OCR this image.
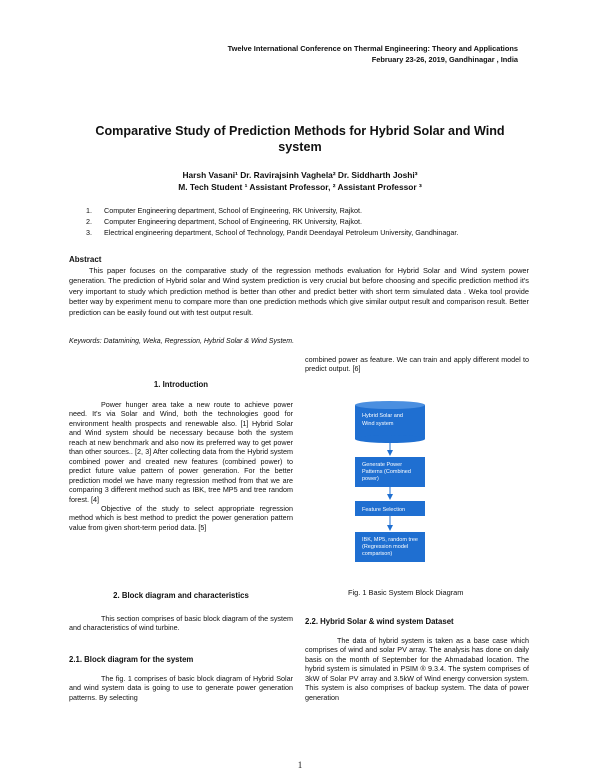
Twelve International Conference on Thermal Engineering: Theory and Applications
February 23-26, 2019, Gandhinagar , India
Comparative Study of Prediction Methods for Hybrid Solar and Wind
system
Harsh Vasani¹ Dr. Ravirajsinh Vaghela² Dr. Siddharth Joshi³
M. Tech Student ¹ Assistant Professor, ² Assistant Professor ³
1. Computer Engineering department, School of Engineering, RK University, Rajkot.
2. Computer Engineering department, School of Engineering, RK University, Rajkot.
3. Electrical engineering department, School of Technology, Pandit Deendayal Petroleum University, Gandhinagar.
Abstract
This paper focuses on the comparative study of the regression methods evaluation for Hybrid Solar and Wind system power generation. The prediction of Hybrid solar and Wind system prediction is very crucial but before choosing and specific prediction method it's very important to study which prediction method is better than other and predict better with short term simulated data . Weka tool provide better way by experiment menu to compare more than one prediction methods which give similar output result and comparison result. Better prediction can be easily found out with test output result.
Keywords: Datamining, Weka, Regression, Hybrid Solar & Wind System.
1. Introduction

Power hunger area take a new route to achieve power need. It's via Solar and Wind, both the technologies good for environment health prospects and renewable also. [1] Hybrid Solar and Wind system should be necessary because both the system reach at new benchmark and also now its preferred way to get power than other sources.. [2, 3] After collecting data from the Hybrid system combined power and created new features (combined power) to predict future value pattern of power generation. For the better prediction model we have many regression method from that we are comparing 3 different method such as IBK, tree MP5 and tree random forest. [4]

Objective of the study to select appropriate regression method which is best method to predict the power generation pattern value from given short-term period data. [5]

2. Block diagram and characteristics
This section comprises of basic block diagram of the system and characteristics of wind turbine.
2.1. Block diagram for the system
The fig. 1 comprises of basic block diagram of Hybrid Solar and wind system data is going to use to generate power generation patterns. By selecting
combined power as feature. We can train and apply different model to predict output. [6]
Hybrid Solar and
Wind system
Generate Power
Patterns (Combined
power)
Feature Selection
IBK, MP5, random tree
(Regression model
comparison)
Fig. 1 Basic System Block Diagram
2.2. Hybrid Solar & wind system Dataset
The data of hybrid system is taken as a base case which comprises of wind and solar PV array. The analysis has done on daily basis on the month of September for the Ahmadabad location. The hybrid system is simulated in PSIM ® 9.3.4. The system comprises of 3kW of Solar PV array and 3.5kW of Wind energy conversion system. This system is also comprises of backup system. The data of power generation
1
